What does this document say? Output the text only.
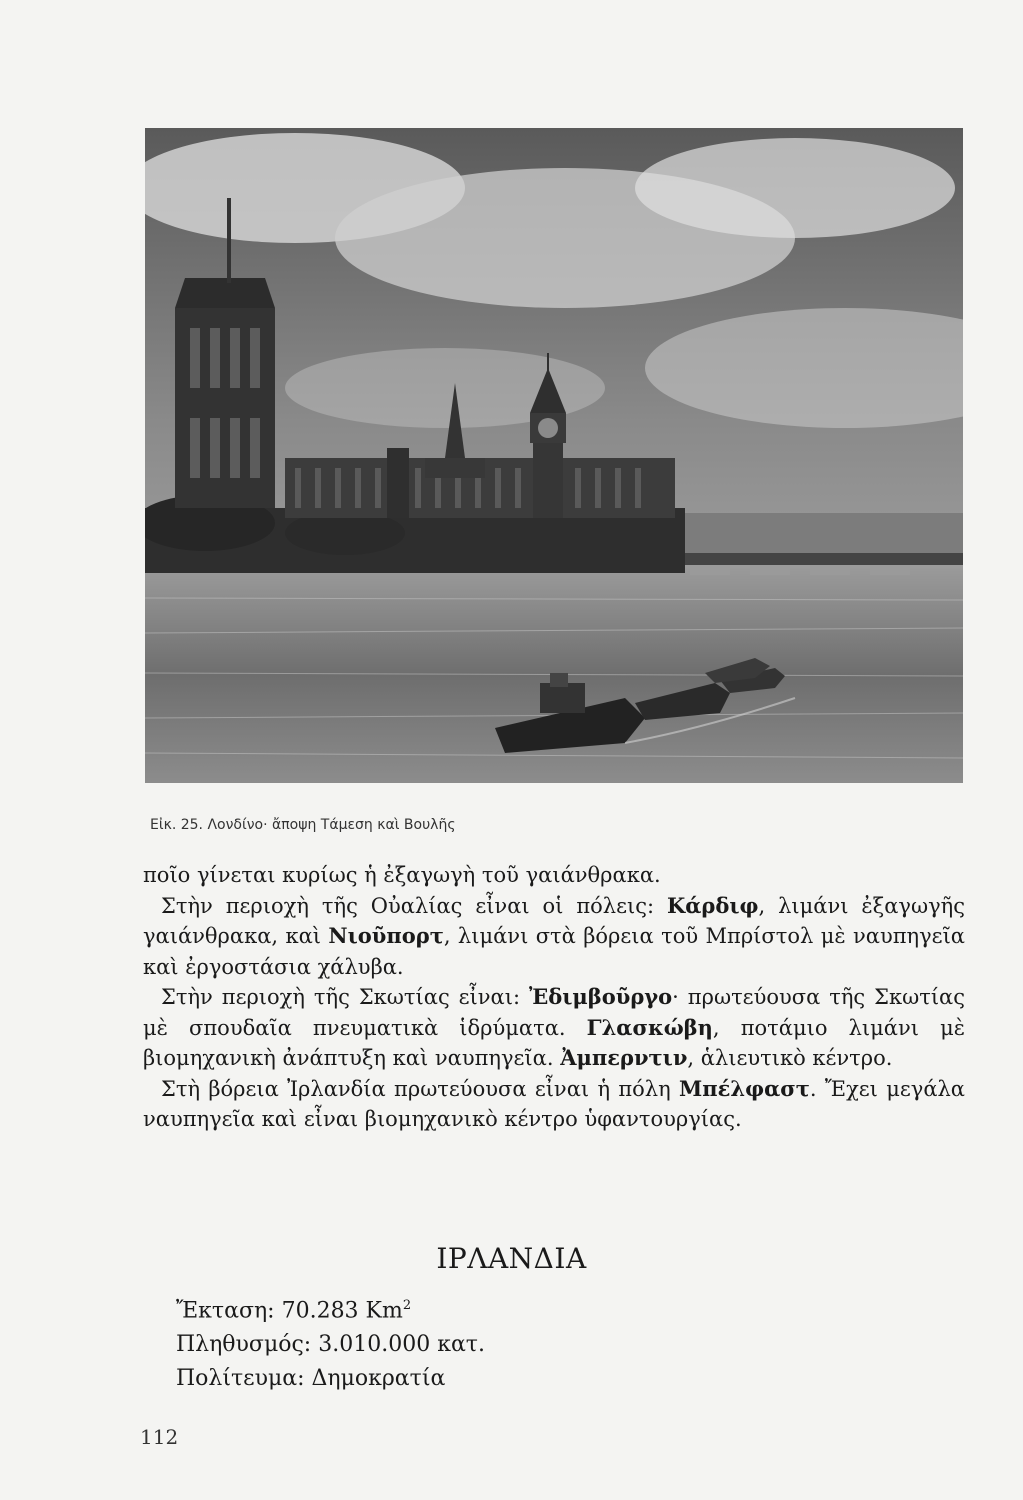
Εἰκ. 25. Λονδίνο· ἄποψη Τάμεση καὶ Βουλῆς

ποῖο γίνεται κυρίως ἡ ἐξαγωγὴ τοῦ γαιάνθρακα.

Στὴν περιοχὴ τῆς Οὐαλίας εἶναι οἱ πόλεις: Κάρδιφ, λιμάνι ἐξαγωγῆς γαιάνθρακα, καὶ Νιοῦπορτ, λιμάνι στὰ βόρεια τοῦ Μπρίστολ μὲ ναυπηγεῖα καὶ ἐργοστάσια χάλυβα.

Στὴν περιοχὴ τῆς Σκωτίας εἶναι: Ἐδιμβοῦργο· πρωτεύουσα τῆς Σκωτίας μὲ σπουδαῖα πνευματικὰ ἱδρύματα. Γλασκώβη, ποτάμιο λιμάνι μὲ βιομηχανικὴ ἀνάπτυξη καὶ ναυπηγεῖα. Ἀμπερντιν, ἁλιευτικὸ κέντρο.

Στὴ βόρεια Ἰρλανδία πρωτεύουσα εἶναι ἡ πόλη Μπέλφαστ. Ἔχει μεγάλα ναυπηγεῖα καὶ εἶναι βιομηχανικὸ κέντρο ὑφαντουργίας.

ΙΡΛΑΝΔΙΑ
Ἔκταση: 70.283 Km$^2$
Πληθυσμός: 3.010.000 κατ.
Πολίτευμα: Δημοκρατία
112
